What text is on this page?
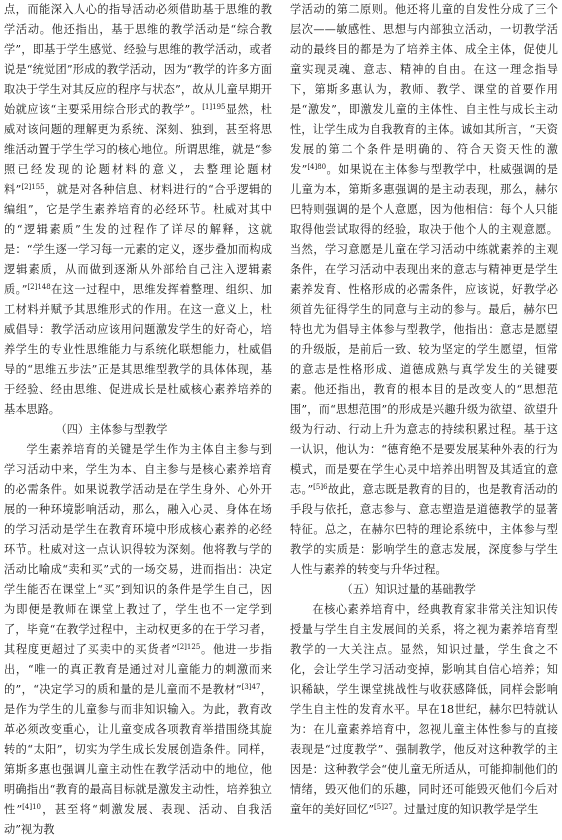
点，而能深入人心的指导活动必须借助基于思维的教学活动。他还指出，基于思维的教学活动是“综合教学”，即基于学生感觉、经验与思维的教学活动，或者说是“统觉团”形成的教学活动，因为“教学的许多方面取决于学生对其反应的程序与状态”，故从儿童早期开始就应该“主要采用综合形式的教学”。$^{[1]195}$显然，杜威对该问题的理解更为系统、深刻、独到，甚至将思维活动置于学生学习的核心地位。所谓思维，就是“参照已经发现的论题材料的意义，去整理论题材料”$^{[2]155}$，就是对各种信息、材料进行的“合乎逻辑的编组”，它是学生素养培育的必经环节。杜威对其中的“逻辑素质”生发的过程作了详尽的解释，这就是：“学生逐一学习每一元素的定义，逐步叠加而构成逻辑素质，从而做到逐渐从外部给自己注入逻辑素质。”$^{[2]148}$在这一过程中，思维发挥着整理、组织、加工材料并赋予其思维形式的作用。在这一意义上，杜威倡导：教学活动应该用问题激发学生的好奇心，培养学生的专业性思维能力与系统化联想能力，杜威倡导的“思维五步法”正是其思维型教学的具体体现，基于经验、经由思维、促进成长是杜威核心素养培养的基本思路。

（四）主体参与型教学

学生素养培育的关键是学生作为主体自主参与到学习活动中来，学生为本、自主参与是核心素养培育的必需条件。如果说教学活动是在学生身外、心外开展的一种环境影响活动，那么，融入心灵、身体在场的学习活动是学生在教育环境中形成核心素养的必经环节。杜威对这一点认识得较为深刻。他将教与学的活动比喻成“卖和买”式的一场交易，进而指出：决定学生能否在课堂上“买”到知识的条件是学生自己，因为即便是教师在课堂上教过了，学生也不一定学到了，毕竟“在教学过程中，主动权更多的在于学习者，其程度更超过了买卖中的买货者”$^{[2]125}$。他进一步指出，“唯一的真正教育是通过对儿童能力的刺激而来的”，“决定学习的质和量的是儿童而不是教材”$^{[3]47}$，是作为学生的儿童参与而非知识输入。为此，教育改革必须改变重心，让儿童变成各项教育举措围绕其旋转的“太阳”，切实为学生成长发展创造条件。同样，第斯多惠也强调儿童主动性在教学活动中的地位，他明确指出“教育的最高目标就是激发主动性，培养独立性”$^{[4]10}$，甚至将“刺激发展、表现、活动、自我活动”视为教

学活动的第二原则。他还将儿童的自发性分成了三个层次——敏感性、思想与内部独立活动，一切教学活动的最终目的都是为了培养主体、成全主体，促使儿童实现灵魂、意志、精神的自由。在这一理念指导下，第斯多惠认为，教师、教学、课堂的首要作用是“激发”，即激发儿童的主体性、自主性与成长主动性，让学生成为自我教育的主体。诚如其所言，“天资发展的第二个条件是明确的、符合天资天性的激发”$^{[4]80}$。如果说在主体参与型教学中，杜威强调的是儿童为本，第斯多惠强调的是主动表现，那么，赫尔巴特则强调的是个人意愿，因为他相信：每个人只能取得他尝试取得的经验，取决于他个人的主观意愿。当然，学习意愿是儿童在学习活动中练就素养的主观条件，在学习活动中表现出来的意志与精神更是学生素养发育、性格形成的必需条件，应该说，好教学必须首先征得学生的同意与主动的参与。最后，赫尔巴特也尤为倡导主体参与型教学，他指出：意志是愿望的升级版，是前后一致、较为坚定的学生愿望，恒常的意志是性格形成、道德成熟与真学发生的关键要素。他还指出，教育的根本目的是改变人的“思想范围”，而“思想范围”的形成是兴趣升级为欲望、欲望升级为行动、行动上升为意志的持续积累过程。基于这一认识，他认为：“德育绝不是要发展某种外表的行为模式，而是要在学生心灵中培养出明智及其适宜的意志。”$^{[5]6}$故此，意志既是教育的目的，也是教育活动的手段与依托，意志参与、意志塑造是道德教学的显著特征。总之，在赫尔巴特的理论系统中，主体参与型教学的实质是：影响学生的意志发展，深度参与学生人性与素养的转变与升华过程。

（五）知识过量的基础教学

在核心素养培育中，经典教育家非常关注知识传授量与学生自主发展间的关系，将之视为素养培育型教学的一大关注点。显然，知识过量，学生食之不化，会让学生学习活动变掉，影响其自信心培养；知识稀缺，学生课堂挑战性与收获感降低，同样会影响学生自主性的发育水平。早在18世纪，赫尔巴特就认为：在儿童素养培育中，忽视儿童主体性参与的直接表现是“过度教学”、强制教学，他反对这种教学的主因是：这种教学会“使儿童无所适从，可能抑制他们的情绪，毁灭他们的乐趣，同时还可能毁灭他们今后对童年的美好回忆”$^{[5]27}$。过量过度的知识教学是学生
